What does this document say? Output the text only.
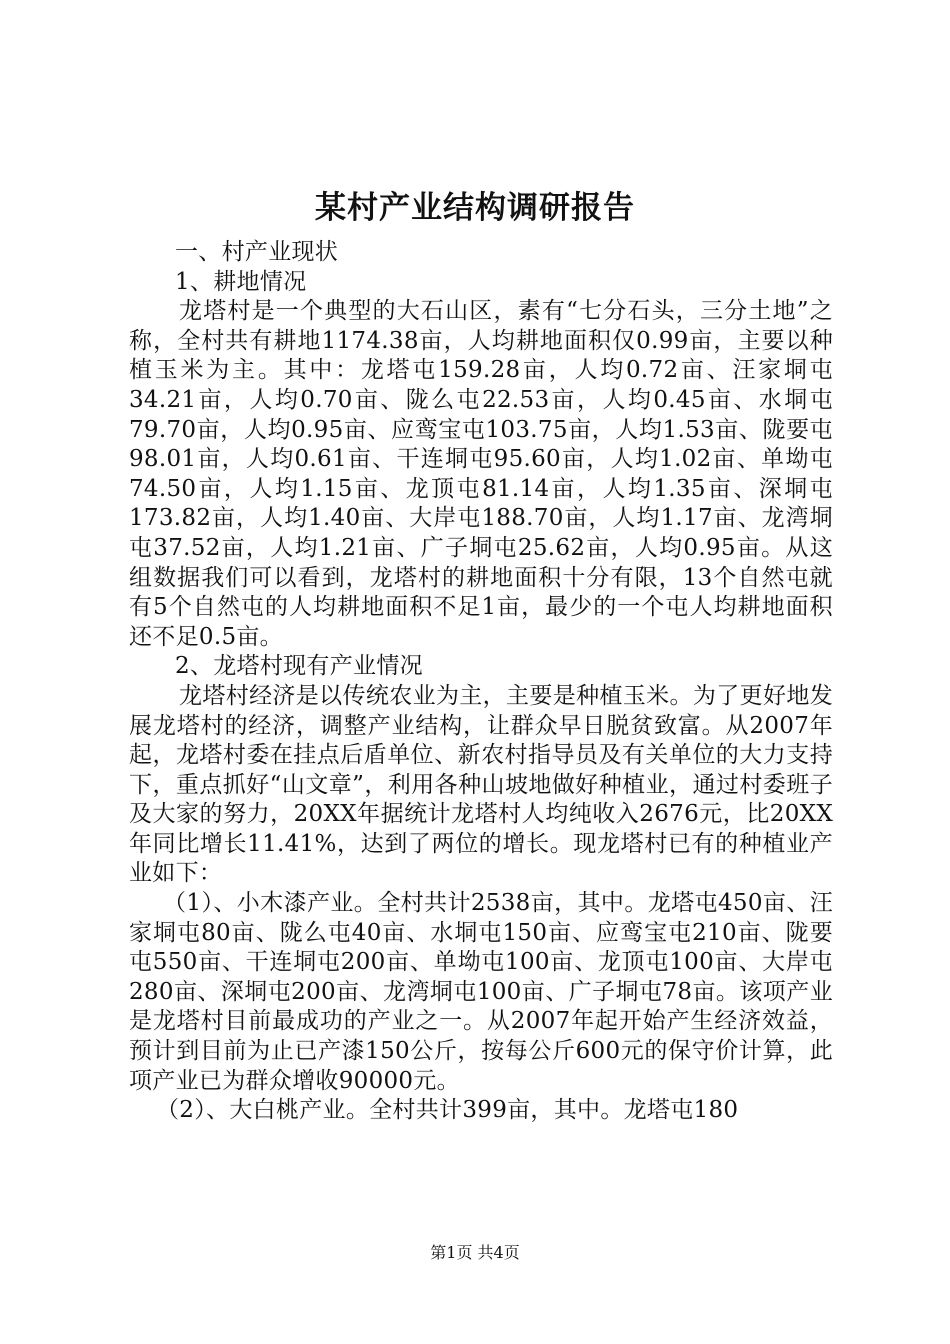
某村产业结构调研报告

一、村产业现状

1、耕地情况

龙塔村是一个典型的大石山区，素有“七分石头，三分土地”之称，全村共有耕地1174.38亩，人均耕地面积仅0.99亩，主要以种植玉米为主。其中：龙塔屯159.28亩，人均0.72亩、汪家垌屯34.21亩，人均0.70亩、陇么屯22.53亩，人均0.45亩、水垌屯79.70亩，人均0.95亩、应鸾宝屯103.75亩，人均1.53亩、陇要屯98.01亩，人均0.61亩、干连垌屯95.60亩，人均1.02亩、单坳屯74.50亩，人均1.15亩、龙顶屯81.14亩，人均1.35亩、深垌屯173.82亩，人均1.40亩、大岸屯188.70亩，人均1.17亩、龙湾垌屯37.52亩，人均1.21亩、广子垌屯25.62亩，人均0.95亩。从这组数据我们可以看到，龙塔村的耕地面积十分有限，13个自然屯就有5个自然屯的人均耕地面积不足1亩，最少的一个屯人均耕地面积还不足0.5亩。

2、龙塔村现有产业情况

龙塔村经济是以传统农业为主，主要是种植玉米。为了更好地发展龙塔村的经济，调整产业结构，让群众早日脱贫致富。从2007年起，龙塔村委在挂点后盾单位、新农村指导员及有关单位的大力支持下，重点抓好“山文章”，利用各种山坡地做好种植业，通过村委班子及大家的努力，20XX年据统计龙塔村人均纯收入2676元，比20XX年同比增长11.41%，达到了两位的增长。现龙塔村已有的种植业产业如下：

（1）、小木漆产业。全村共计2538亩，其中。龙塔屯450亩、汪家垌屯80亩、陇么屯40亩、水垌屯150亩、应鸾宝屯210亩、陇要屯550亩、干连垌屯200亩、单坳屯100亩、龙顶屯100亩、大岸屯280亩、深垌屯200亩、龙湾垌屯100亩、广子垌屯78亩。该项产业是龙塔村目前最成功的产业之一。从2007年起开始产生经济效益，预计到目前为止已产漆150公斤，按每公斤600元的保守价计算，此项产业已为群众增收90000元。

（2）、大白桃产业。全村共计399亩，其中。龙塔屯180

第1页 共4页
